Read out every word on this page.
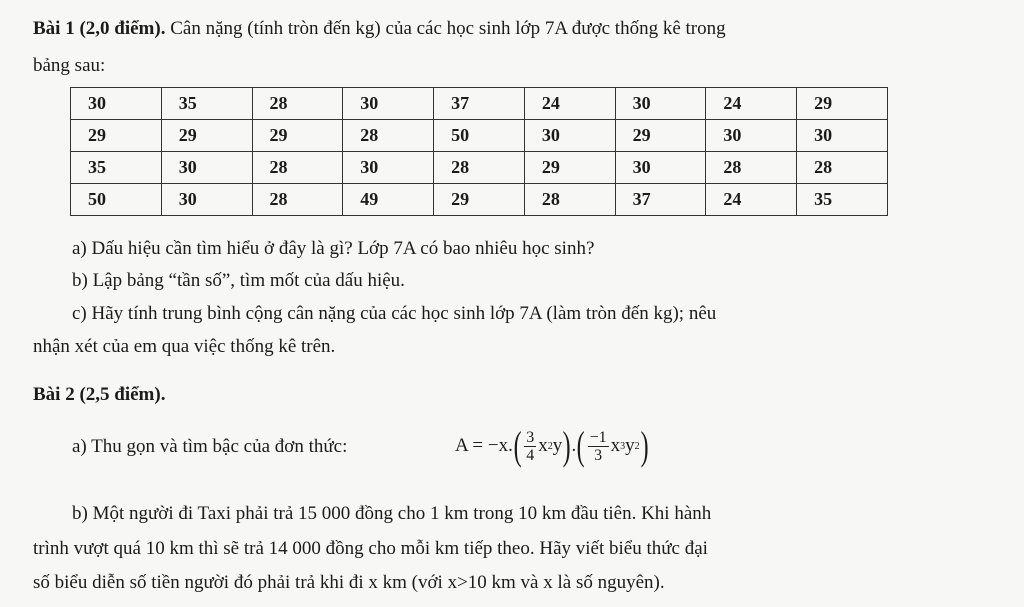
Bài 1 (2,0 điểm). Cân nặng (tính tròn đến kg) của các học sinh lớp 7A được thống kê trong
bảng sau:
30	35	28	30	37	24	30	24	29
29	29	29	28	50	30	29	30	30
35	30	28	30	28	29	30	28	28
50	30	28	49	29	28	37	24	35
a) Dấu hiệu cần tìm hiểu ở đây là gì? Lớp 7A có bao nhiêu học sinh?
b) Lập bảng “tần số”, tìm mốt của dấu hiệu.
c) Hãy tính trung bình cộng cân nặng của các học sinh lớp 7A (làm tròn đến kg); nêu
nhận xét của em qua việc thống kê trên.
Bài 2 (2,5 điểm).
a) Thu gọn và tìm bậc của đơn thức:	A = −x. ( $\frac{3}{4}$ x 2 y ) . ( $\frac{-1}{3}$ x 3 y 2 )
b) Một người đi Taxi phải trả 15 000 đồng cho 1 km trong 10 km đầu tiên. Khi hành
trình vượt quá 10 km thì sẽ trả 14 000 đồng cho mỗi km tiếp theo. Hãy viết biểu thức đại
số biểu diễn số tiền người đó phải trả khi đi x km (với x>10 km và x là số nguyên).
